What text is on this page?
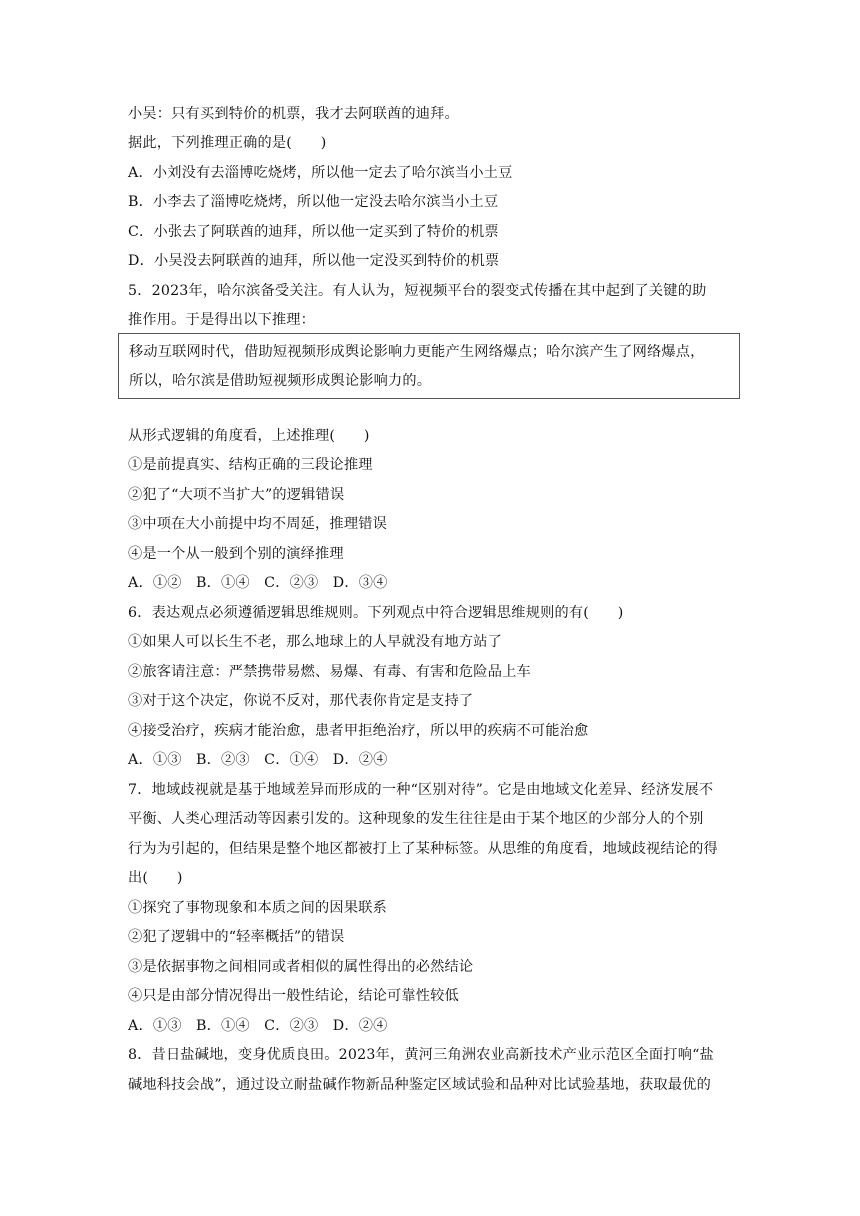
小吴：只有买到特价的机票，我才去阿联酋的迪拜。
据此，下列推理正确的是(　　)
A．小刘没有去淄博吃烧烤，所以他一定去了哈尔滨当小土豆
B．小李去了淄博吃烧烤，所以他一定没去哈尔滨当小土豆
C．小张去了阿联酋的迪拜，所以他一定买到了特价的机票
D．小吴没去阿联酋的迪拜，所以他一定没买到特价的机票
5．2023年，哈尔滨备受关注。有人认为，短视频平台的裂变式传播在其中起到了关键的助
推作用。于是得出以下推理：
移动互联网时代，借助短视频形成舆论影响力更能产生网络爆点；哈尔滨产生了网络爆点，
所以，哈尔滨是借助短视频形成舆论影响力的。
从形式逻辑的角度看，上述推理(　　)
①是前提真实、结构正确的三段论推理
②犯了“大项不当扩大”的逻辑错误
③中项在大小前提中均不周延，推理错误
④是一个从一般到个别的演绎推理
A．①②　B．①④　C．②③　D．③④
6．表达观点必须遵循逻辑思维规则。下列观点中符合逻辑思维规则的有(　　)
①如果人可以长生不老，那么地球上的人早就没有地方站了
②旅客请注意：严禁携带易燃、易爆、有毒、有害和危险品上车
③对于这个决定，你说不反对，那代表你肯定是支持了
④接受治疗，疾病才能治愈，患者甲拒绝治疗，所以甲的疾病不可能治愈
A．①③　B．②③　C．①④　D．②④
7．地域歧视就是基于地域差异而形成的一种“区别对待”。它是由地域文化差异、经济发展不
平衡、人类心理活动等因素引发的。这种现象的发生往往是由于某个地区的少部分人的个别
行为为引起的，但结果是整个地区都被打上了某种标签。从思维的角度看，地域歧视结论的得
出(　　)
①探究了事物现象和本质之间的因果联系
②犯了逻辑中的“轻率概括”的错误
③是依据事物之间相同或者相似的属性得出的必然结论
④只是由部分情况得出一般性结论，结论可靠性较低
A．①③　B．①④　C．②③　D．②④
8．昔日盐碱地，变身优质良田。2023年，黄河三角洲农业高新技术产业示范区全面打响“盐
碱地科技会战”，通过设立耐盐碱作物新品种鉴定区域试验和品种对比试验基地，获取最优的
